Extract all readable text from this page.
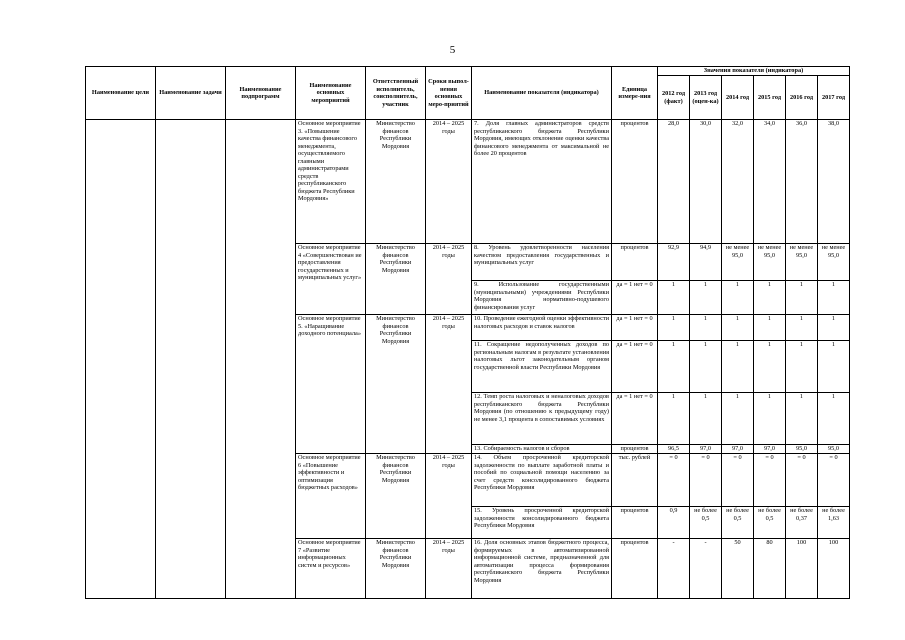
5
Наименование цели	Наименование задачи	Наименование подпрограмм	Наименование основных мероприятий	Ответственный исполнитель, соисполнитель, участник	Сроки выпол-нения основных меро-приятий	Наименование показателя (индикатора)	Единица измере-ния	Значения показателя (индикатора)					
								2012 год (факт)	2013 год (оцен-ка)	2014 год	2015 год	2016 год	2017 год
			Основное мероприятие 3. «Повышение качества финансового менеджмента, осуществляемого главными администраторами средств республиканского бюджета Республики Мордовия»	Министерство финансов Республики Мордовия	2014 – 2025 годы	7. Доля главных администраторов средств республиканского бюджета Республики Мордовия, имеющих отклонение оценки качества финансового менеджмента от максимальной не более 20 процентов	процентов	28,0	30,0	32,0	34,0	36,0	38,0
			Основное мероприятие 4 «Совершенствован ие предоставления государственных и муниципальных услуг»	Министерство финансов Республики Мордовия	2014 – 2025 годы	8. Уровень удовлетворенности населения качеством предоставления государственных и муниципальных услуг	процентов	92,9	94,9	не менее 95,0	не менее 95,0	не менее 95,0	не менее 95,0
						9. Использование государственными (муниципальными) учреждениями Республики Мордовия нормативно-подушевого финансирования услуг	да = 1 нет = 0	1	1	1	1	1	1
			Основное мероприятие 5. «Наращивание доходного потенциала»	Министерство финансов Республики Мордовия	2014 – 2025 годы	10. Проведение ежегодной оценки эффективности налоговых расходов и ставок налогов	да = 1 нет = 0	1	1	1	1	1	1
						11. Сокращение недополученных доходов по региональным налогам в результате установления налоговых льгот законодательным органом государственной власти Республики Мордовия	да = 1 нет = 0	1	1	1	1	1	1
						12. Темп роста налоговых и неналоговых доходов республиканского бюджета Республики Мордовия (по отношению к предыдущему году) не менее 3,1 процента в сопоставимых условиях	да = 1 нет = 0	1	1	1	1	1	1
						13. Собираемость налогов и сборов	процентов	96,5	97,0	97,0	97,0	95,0	95,0
			Основное мероприятие 6 «Повышение эффективности и оптимизация бюджетных расходов»	Министерство финансов Республики Мордовия	2014 – 2025 годы	14. Объем просроченной кредиторской задолженности по выплате заработной платы и пособий по социальной помощи населению за счет средств консолидированного бюджета Республики Мордовия	тыс. рублей	= 0	= 0	= 0	= 0	= 0	= 0
						15. Уровень просроченной кредиторской задолженности консолидированного бюджета Республики Мордовия	процентов	0,9	не более 0,5	не более 0,5	не более 0,5	не более 0,37	не более 1,63
			Основное мероприятие 7 «Развитие информационных систем и ресурсов»	Министерство финансов Республики Мордовия	2014 – 2025 годы	16. Доля основных этапов бюджетного процесса, формируемых в автоматизированной информационной системе, предназначенной для автоматизации процесса формирования республиканского бюджета Республики Мордовия	процентов	-	-	50	80	100	100
